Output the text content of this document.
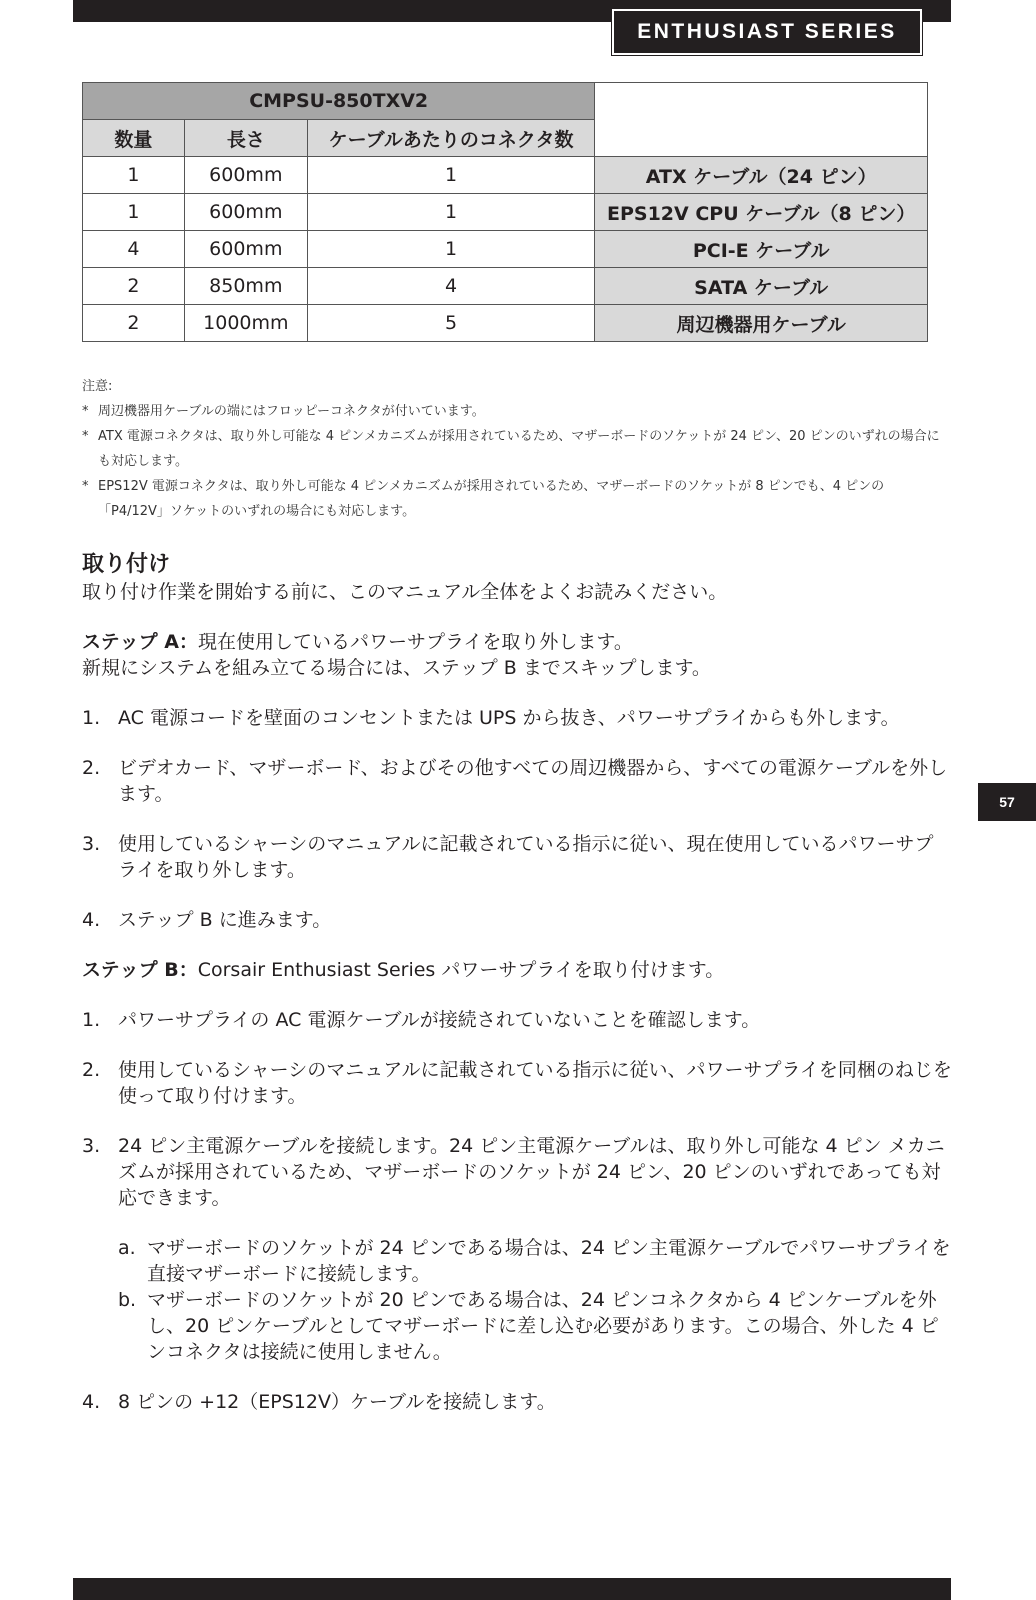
ENTHUSIAST SERIES
57
CMPSU-850TXV2			
数量	長さ	ケーブルあたりのコネクタ数	
1	600mm	1	ATX ケーブル（24 ピン）
1	600mm	1	EPS12V CPU ケーブル（8 ピン）
4	600mm	1	PCI-E ケーブル
2	850mm	4	SATA ケーブル
2	1000mm	5	周辺機器用ケーブル

注意:

* 周辺機器用ケーブルの端にはフロッピーコネクタが付いています。

* ATX 電源コネクタは、取り外し可能な 4 ピンメカニズムが採用されているため、マザーボードのソケットが 24 ピン、20 ピンのいずれの場合にも対応します。

* EPS12V 電源コネクタは、取り外し可能な 4 ピンメカニズムが採用されているため、マザーボードのソケットが 8 ピンでも、4 ピンの「P4/12V」ソケットのいずれの場合にも対応します。

取り付け

取り付け作業を開始する前に、このマニュアル全体をよくお読みください。

ステップ A：現在使用しているパワーサプライを取り外します。

新規にシステムを組み立てる場合には、ステップ B までスキップします。

1. AC 電源コードを壁面のコンセントまたは UPS から抜き、パワーサプライからも外します。

2. ビデオカード、マザーボード、およびその他すべての周辺機器から、すべての電源ケーブルを外します。

3. 使用しているシャーシのマニュアルに記載されている指示に従い、現在使用しているパワーサプライを取り外します。

4. ステップ B に進みます。

ステップ B：Corsair Enthusiast Series パワーサプライを取り付けます。

1. パワーサプライの AC 電源ケーブルが接続されていないことを確認します。

2. 使用しているシャーシのマニュアルに記載されている指示に従い、パワーサプライを同梱のねじを使って取り付けます。

3. 24 ピン主電源ケーブルを接続します。24 ピン主電源ケーブルは、取り外し可能な 4 ピン メカニズムが採用されているため、マザーボードのソケットが 24 ピン、20 ピンのいずれであっても対応できます。

a. マザーボードのソケットが 24 ピンである場合は、24 ピン主電源ケーブルでパワーサプライを直接マザーボードに接続します。

b. マザーボードのソケットが 20 ピンである場合は、24 ピンコネクタから 4 ピンケーブルを外し、20 ピンケーブルとしてマザーボードに差し込む必要があります。この場合、外した 4 ピンコネクタは接続に使用しません。

4. 8 ピンの +12（EPS12V）ケーブルを接続します。
